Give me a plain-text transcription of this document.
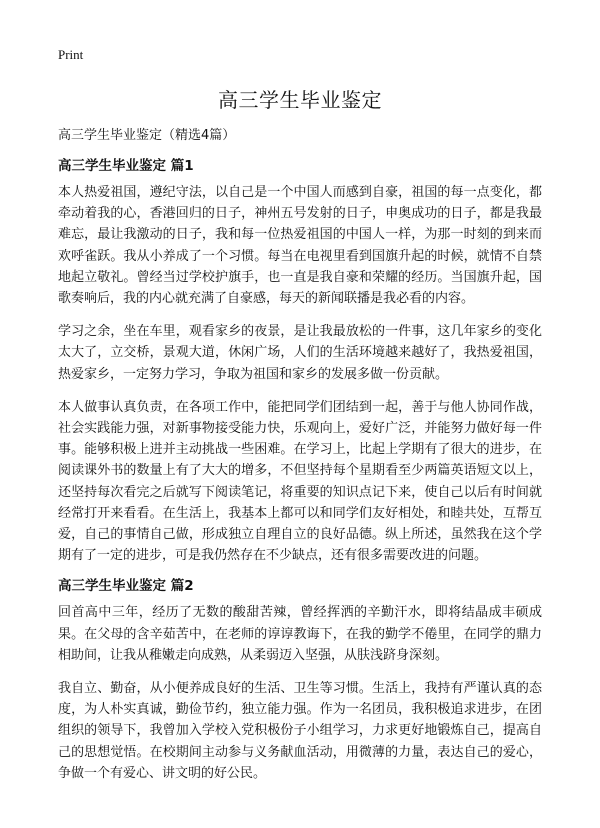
Print
高三学生毕业鉴定

高三学生毕业鉴定（精选4篇）

高三学生毕业鉴定 篇1

本人热爱祖国，遵纪守法，以自己是一个中国人而感到自豪，祖国的每一点变化，都牵动着我的心，香港回归的日子，神州五号发射的日子，申奥成功的日子，都是我最难忘，最让我激动的日子，我和每一位热爱祖国的中国人一样，为那一时刻的到来而欢呼雀跃。我从小养成了一个习惯。每当在电视里看到国旗升起的时候，就情不自禁地起立敬礼。曾经当过学校护旗手，也一直是我自豪和荣耀的经历。当国旗升起，国歌奏响后，我的内心就充满了自豪感，每天的新闻联播是我必看的内容。

学习之余，坐在车里，观看家乡的夜景，是让我最放松的一件事，这几年家乡的变化太大了，立交桥，景观大道，休闲广场，人们的生活环境越来越好了，我热爱祖国，热爱家乡，一定努力学习，争取为祖国和家乡的发展多做一份贡献。

本人做事认真负责，在各项工作中，能把同学们团结到一起，善于与他人协同作战，社会实践能力强，对新事物接受能力快，乐观向上，爱好广泛，并能努力做好每一件事。能够积极上进并主动挑战一些困难。在学习上，比起上学期有了很大的进步，在阅读课外书的数量上有了大大的增多，不但坚持每个星期看至少两篇英语短文以上，还坚持每次看完之后就写下阅读笔记，将重要的知识点记下来，使自己以后有时间就经常打开来看看。在生活上，我基本上都可以和同学们友好相处，和睦共处，互帮互爱，自己的事情自己做，形成独立自理自立的良好品德。纵上所述，虽然我在这个学期有了一定的进步，可是我仍然存在不少缺点，还有很多需要改进的问题。

高三学生毕业鉴定 篇2

回首高中三年，经历了无数的酸甜苦辣，曾经挥洒的辛勤汗水，即将结晶成丰硕成果。在父母的含辛茹苦中，在老师的谆谆教诲下，在我的勤学不倦里，在同学的鼎力相助间，让我从稚嫩走向成熟，从柔弱迈入坚强，从肤浅跻身深刻。

我自立、勤奋，从小便养成良好的生活、卫生等习惯。生活上，我持有严谨认真的态度，为人朴实真诚，勤俭节约，独立能力强。作为一名团员，我积极追求进步，在团组织的领导下，我曾加入学校入党积极份子小组学习，力求更好地锻炼自己，提高自己的思想觉悟。在校期间主动参与义务献血活动，用微薄的力量，表达自己的爱心，争做一个有爱心、讲文明的好公民。
